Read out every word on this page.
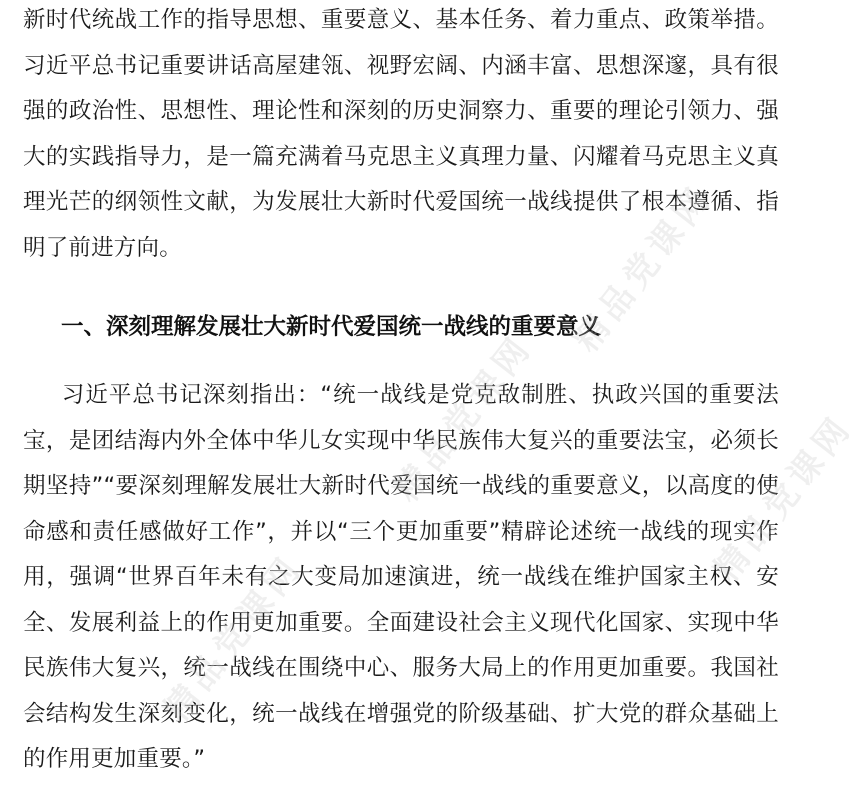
新时代统战工作的指导思想、重要意义、基本任务、着力重点、政策举措。习近平总书记重要讲话高屋建瓴、视野宏阔、内涵丰富、思想深邃，具有很强的政治性、思想性、理论性和深刻的历史洞察力、重要的理论引领力、强大的实践指导力，是一篇充满着马克思主义真理力量、闪耀着马克思主义真理光芒的纲领性文献，为发展壮大新时代爱国统一战线提供了根本遵循、指明了前进方向。
一、深刻理解发展壮大新时代爱国统一战线的重要意义
习近平总书记深刻指出：“统一战线是党克敌制胜、执政兴国的重要法宝，是团结海内外全体中华儿女实现中华民族伟大复兴的重要法宝，必须长期坚持”“要深刻理解发展壮大新时代爱国统一战线的重要意义，以高度的使命感和责任感做好工作”，并以“三个更加重要”精辟论述统一战线的现实作用，强调“世界百年未有之大变局加速演进，统一战线在维护国家主权、安全、发展利益上的作用更加重要。全面建设社会主义现代化国家、实现中华民族伟大复兴，统一战线在围绕中心、服务大局上的作用更加重要。我国社会结构发生深刻变化，统一战线在增强党的阶级基础、扩大党的群众基础上的作用更加重要。”
精品党课网
精品党课网
精品党课网
精品党课网
